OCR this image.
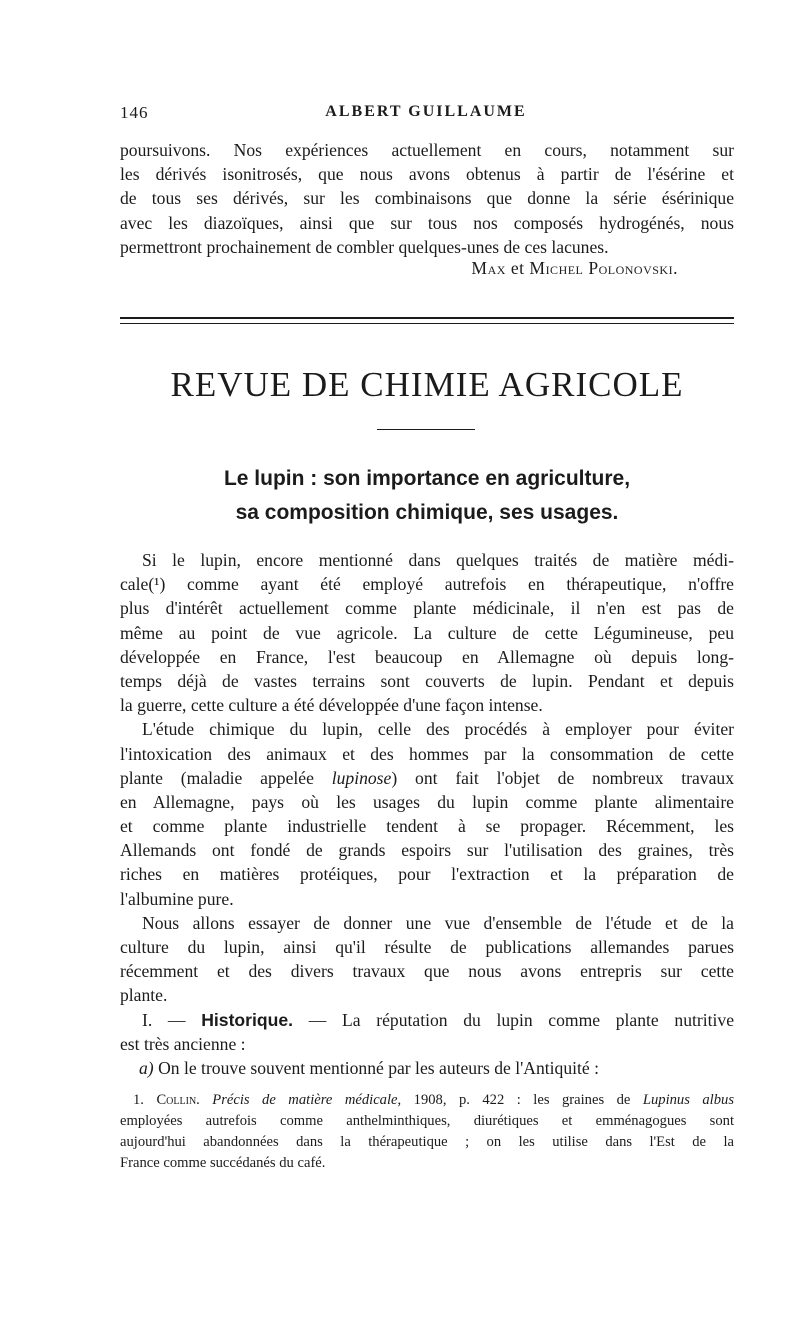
146	ALBERT GUILLAUME
poursuivons. Nos expériences actuellement en cours, notamment sur
les dérivés isonitrosés, que nous avons obtenus à partir de l'ésérine et
de tous ses dérivés, sur les combinaisons que donne la série ésérinique
avec les diazoïques, ainsi que sur tous nos composés hydrogénés, nous
permettront prochainement de combler quelques-unes de ces lacunes.
Max et Michel Polonovski.
REVUE DE CHIMIE AGRICOLE
Le lupin : son importance en agriculture,
sa composition chimique, ses usages.
Si le lupin, encore mentionné dans quelques traités de matière médi-
cale(¹) comme ayant été employé autrefois en thérapeutique, n'offre
plus d'intérêt actuellement comme plante médicinale, il n'en est pas de
même au point de vue agricole. La culture de cette Légumineuse, peu
développée en France, l'est beaucoup en Allemagne où depuis long-
temps déjà de vastes terrains sont couverts de lupin. Pendant et depuis
la guerre, cette culture a été développée d'une façon intense.
L'étude chimique du lupin, celle des procédés à employer pour éviter
l'intoxication des animaux et des hommes par la consommation de cette
plante (maladie appelée lupinose) ont fait l'objet de nombreux travaux
en Allemagne, pays où les usages du lupin comme plante alimentaire
et comme plante industrielle tendent à se propager. Récemment, les
Allemands ont fondé de grands espoirs sur l'utilisation des graines, très
riches en matières protéiques, pour l'extraction et la préparation de
l'albumine pure.
Nous allons essayer de donner une vue d'ensemble de l'étude et de la
culture du lupin, ainsi qu'il résulte de publications allemandes parues
récemment et des divers travaux que nous avons entrepris sur cette
plante.
I. — Historique. — La réputation du lupin comme plante nutritive
est très ancienne :
a) On le trouve souvent mentionné par les auteurs de l'Antiquité :
1. Collin. Précis de matière médicale, 1908, p. 422 : les graines de Lupinus albus
employées autrefois comme anthelminthiques, diurétiques et emménagogues sont
aujourd'hui abandonnées dans la thérapeutique ; on les utilise dans l'Est de la
France comme succédanés du café.
